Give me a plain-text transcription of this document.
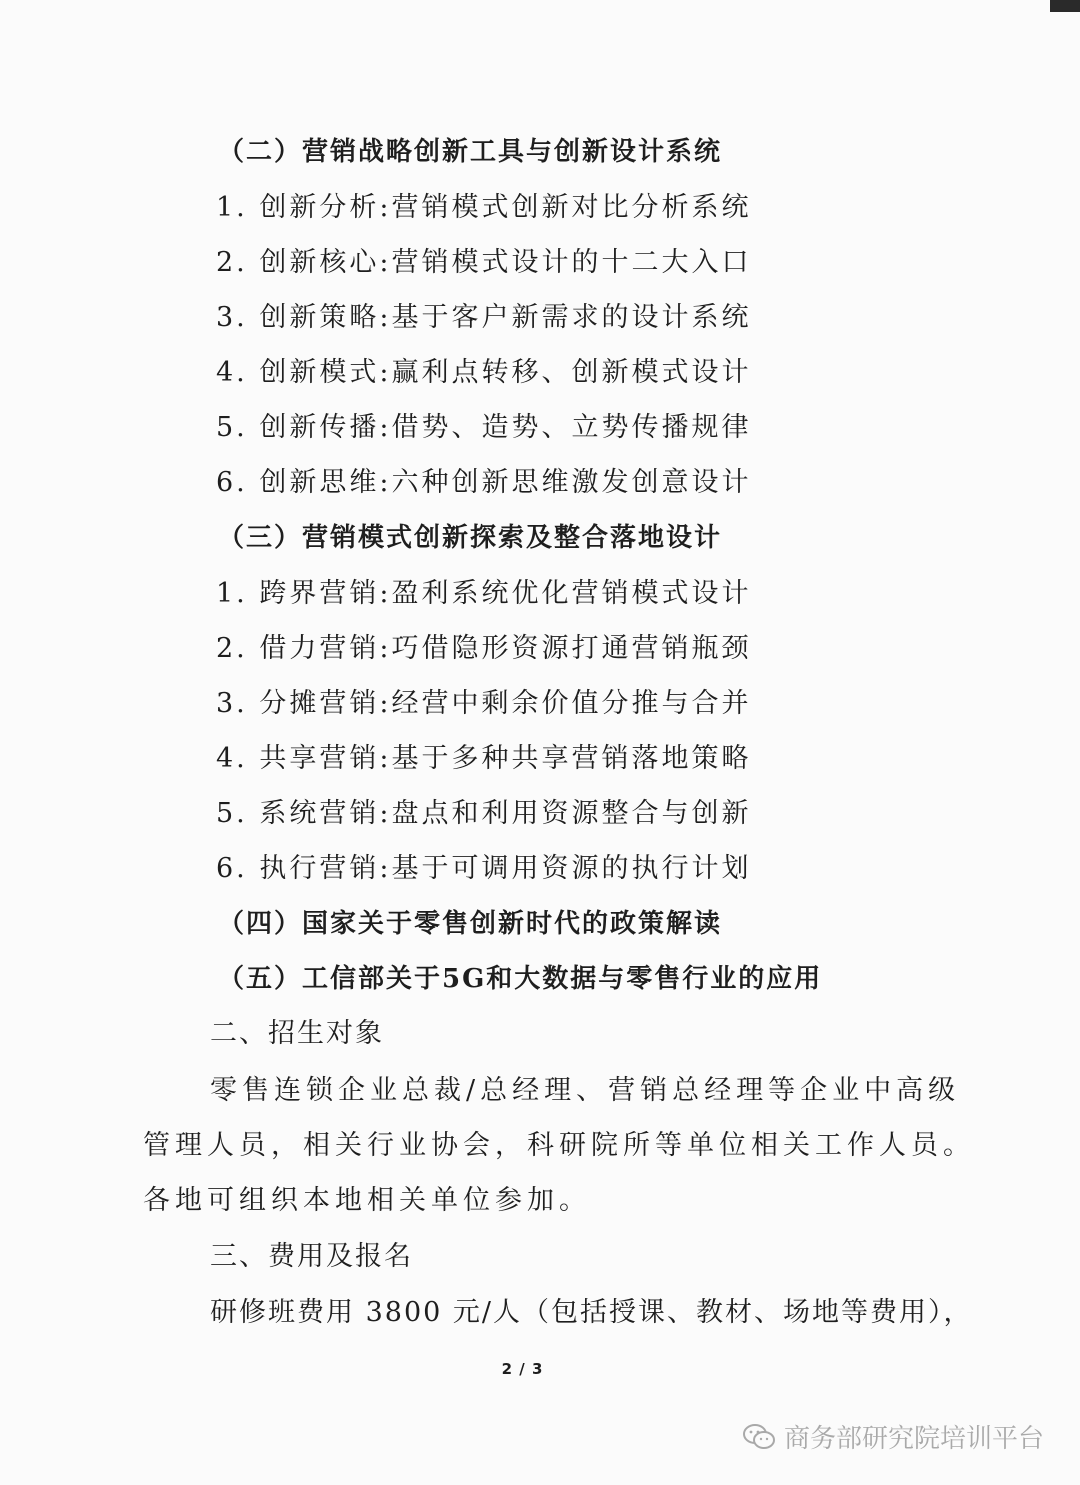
（二）营销战略创新工具与创新设计系统
1. 创新分析:营销模式创新对比分析系统
2. 创新核心:营销模式设计的十二大入口
3. 创新策略:基于客户新需求的设计系统
4. 创新模式:赢利点转移、创新模式设计
5. 创新传播:借势、造势、立势传播规律
6. 创新思维:六种创新思维激发创意设计
（三）营销模式创新探索及整合落地设计
1. 跨界营销:盈利系统优化营销模式设计
2. 借力营销:巧借隐形资源打通营销瓶颈
3. 分摊营销:经营中剩余价值分推与合并
4. 共享营销:基于多种共享营销落地策略
5. 系统营销:盘点和利用资源整合与创新
6. 执行营销:基于可调用资源的执行计划
（四）国家关于零售创新时代的政策解读
（五）工信部关于5G和大数据与零售行业的应用
二、招生对象
零售连锁企业总裁/总经理、营销总经理等企业中高级
管理人员，相关行业协会，科研院所等单位相关工作人员。
各地可组织本地相关单位参加。
三、费用及报名
研修班费用 3800 元/人（包括授课、教材、场地等费用），
2 / 3
商务部研究院培训平台
